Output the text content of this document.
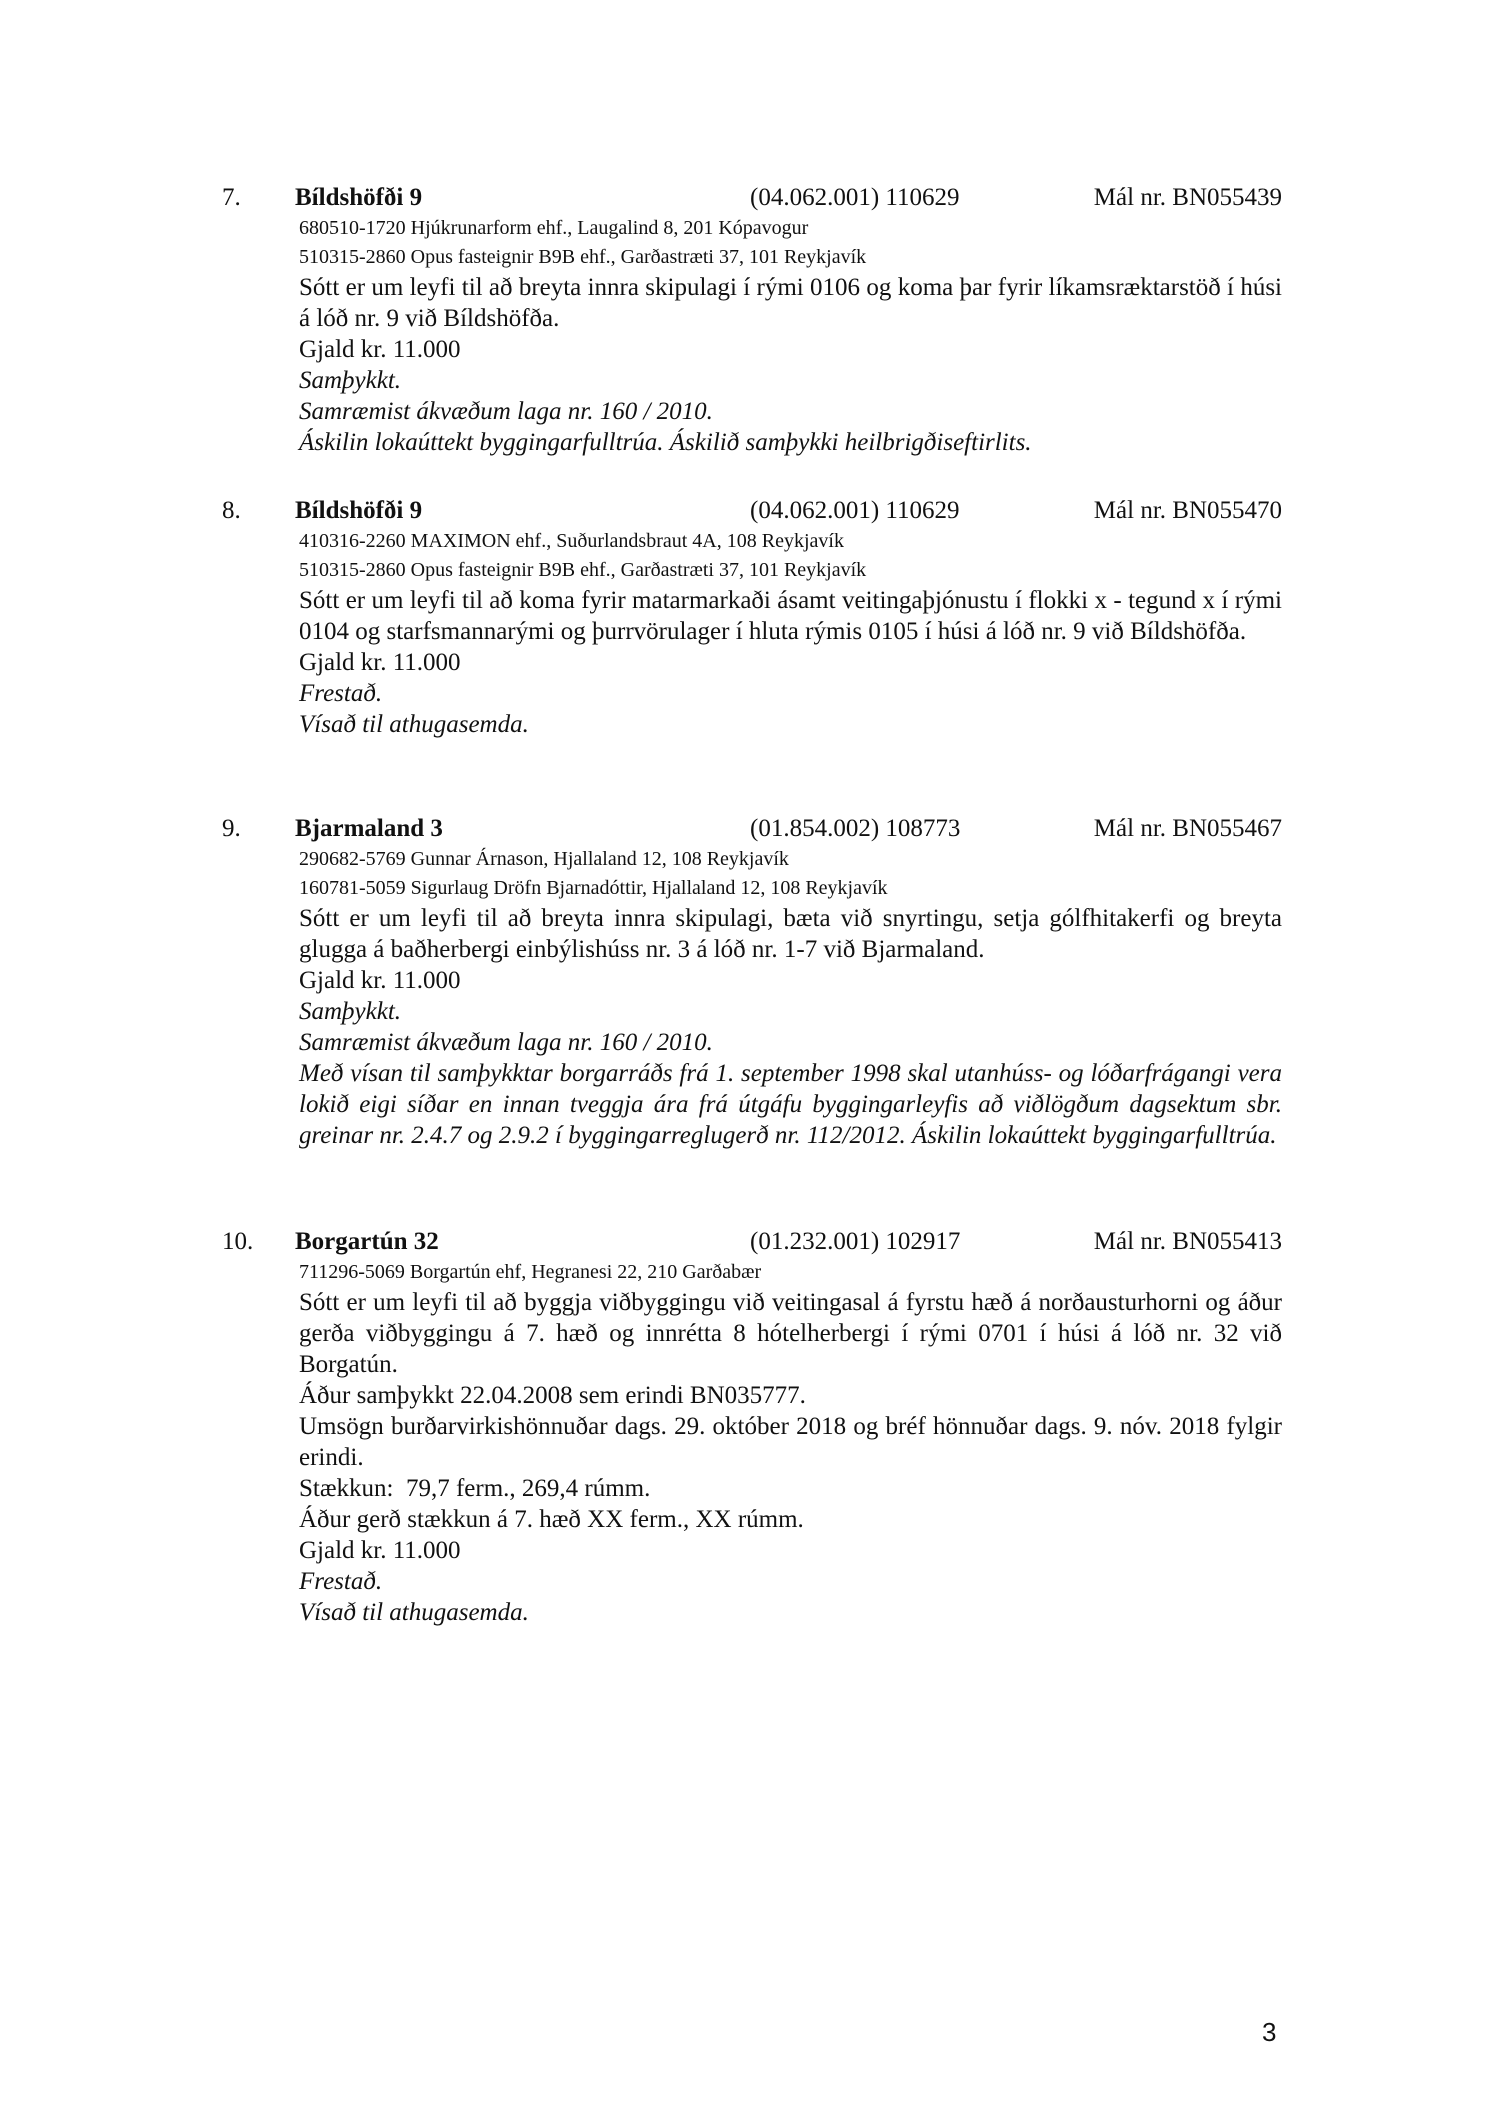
7. Bíldshöfði 9	(04.062.001) 110629	Mál nr. BN055439
680510-1720 Hjúkrunarform ehf., Laugalind 8, 201 Kópavogur
510315-2860 Opus fasteignir B9B ehf., Garðastræti 37, 101 Reykjavík
Sótt er um leyfi til að breyta innra skipulagi í rými 0106 og koma þar fyrir líkamsræktarstöð í húsi á lóð nr. 9 við Bíldshöfða.
Gjald kr. 11.000
Samþykkt.
Samræmist ákvæðum laga nr. 160 / 2010.
Áskilin lokaúttekt byggingarfulltrúa. Áskilið samþykki heilbrigðiseftirlits.
8. Bíldshöfði 9	(04.062.001) 110629	Mál nr. BN055470
410316-2260 MAXIMON ehf., Suðurlandsbraut 4A, 108 Reykjavík
510315-2860 Opus fasteignir B9B ehf., Garðastræti 37, 101 Reykjavík
Sótt er um leyfi til að koma fyrir matarmarkaði ásamt veitingaþjónustu í flokki x - tegund x í rými 0104 og starfsmannarými og þurrvörulager í hluta rýmis 0105 í húsi á lóð nr. 9 við Bíldshöfða.
Gjald kr. 11.000
Frestað.
Vísað til athugasemda.
9. Bjarmaland 3	(01.854.002) 108773	Mál nr. BN055467
290682-5769 Gunnar Árnason, Hjallaland 12, 108 Reykjavík
160781-5059 Sigurlaug Dröfn Bjarnadóttir, Hjallaland 12, 108 Reykjavík
Sótt er um leyfi til að breyta innra skipulagi, bæta við snyrtingu, setja gólfhitakerfi og breyta glugga á baðherbergi einbýlishúss nr. 3 á lóð nr. 1-7 við Bjarmaland.
Gjald kr. 11.000
Samþykkt.
Samræmist ákvæðum laga nr. 160 / 2010.
Með vísan til samþykktar borgarráðs frá 1. september 1998 skal utanhúss- og lóðarfrágangi vera lokið eigi síðar en innan tveggja ára frá útgáfu byggingarleyfis að viðlögðum dagsektum sbr. greinar nr. 2.4.7 og 2.9.2 í byggingarreglugerð nr. 112/2012. Áskilin lokaúttekt byggingarfulltrúa.
10. Borgartún 32	(01.232.001) 102917	Mál nr. BN055413
711296-5069 Borgartún ehf, Hegranesi 22, 210 Garðabær
Sótt er um leyfi til að byggja viðbyggingu við veitingasal á fyrstu hæð á norðausturhorni og áður gerða viðbyggingu á 7. hæð og innrétta 8 hótelherbergi í rými 0701 í húsi á lóð nr. 32 við Borgatún.
Áður samþykkt 22.04.2008 sem erindi BN035777.
Umsögn burðarvirkishönnuðar dags. 29. október 2018 og bréf hönnuðar dags. 9. nóv. 2018 fylgir erindi.
Stækkun:  79,7 ferm., 269,4 rúmm.
Áður gerð stækkun á 7. hæð XX ferm., XX rúmm.
Gjald kr. 11.000
Frestað.
Vísað til athugasemda.
3
